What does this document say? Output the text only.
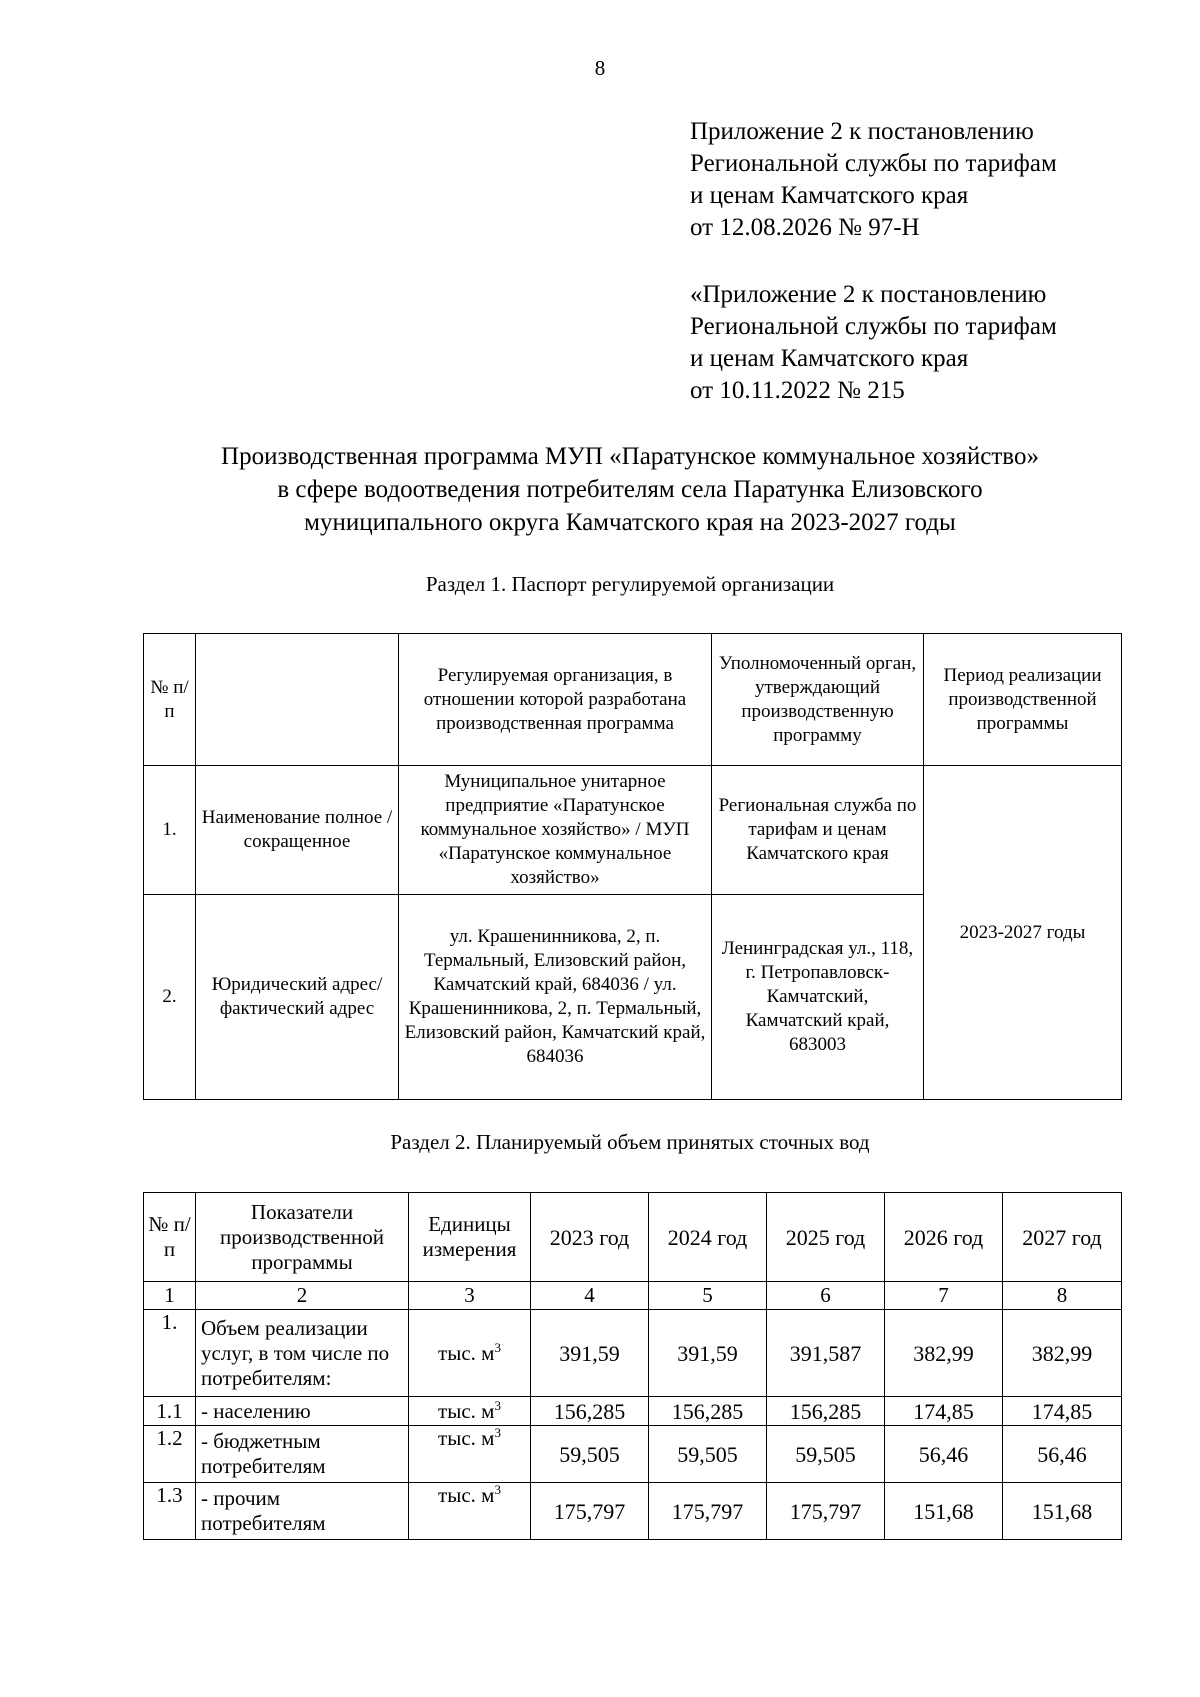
8
Приложение 2 к постановлению
Региональной службы по тарифам
и ценам Камчатского края
от 12.08.2026 № 97-Н
«Приложение 2 к постановлению
Региональной службы по тарифам
и ценам Камчатского края
от 10.11.2022 № 215
Производственная программа МУП «Паратунское коммунальное хозяйство»
в сфере водоотведения потребителям села Паратунка Елизовского
муниципального округа Камчатского края на 2023-2027 годы
Раздел 1. Паспорт регулируемой организации
№ п/п		Регулируемая организация, в отношении которой разработана производственная программа	Уполномоченный орган, утверждающий производственную программу	Период реализации производственной программы
1.	Наименование полное / сокращенное	Муниципальное унитарное предприятие «Паратунское коммунальное хозяйство» / МУП «Паратунское коммунальное хозяйство»	Региональная служба по тарифам и ценам Камчатского края	2023-2027 годы
2.	Юридический адрес/фактический адрес	ул. Крашенинникова, 2, п. Термальный, Елизовский район, Камчатский край, 684036 / ул. Крашенинникова, 2, п. Термальный, Елизовский район, Камчатский край, 684036	Ленинградская ул., 118, г. Петропавловск-Камчатский, Камчатский край, 683003	
Раздел 2. Планируемый объем принятых сточных вод
№ п/п	Показатели производственной программы	Единицы измерения	2023 год	2024 год	2025 год	2026 год	2027 год
1	2	3	4	5	6	7	8
1.	Объем реализации услуг, в том числе по потребителям:	тыс. $м^3$	391,59	391,59	391,587	382,99	382,99
1.1	- населению	тыс. $м^3$	156,285	156,285	156,285	174,85	174,85
1.2	- бюджетным потребителям	тыс. $м^3$	59,505	59,505	59,505	56,46	56,46
1.3	- прочим потребителям	тыс. $м^3$	175,797	175,797	175,797	151,68	151,68
